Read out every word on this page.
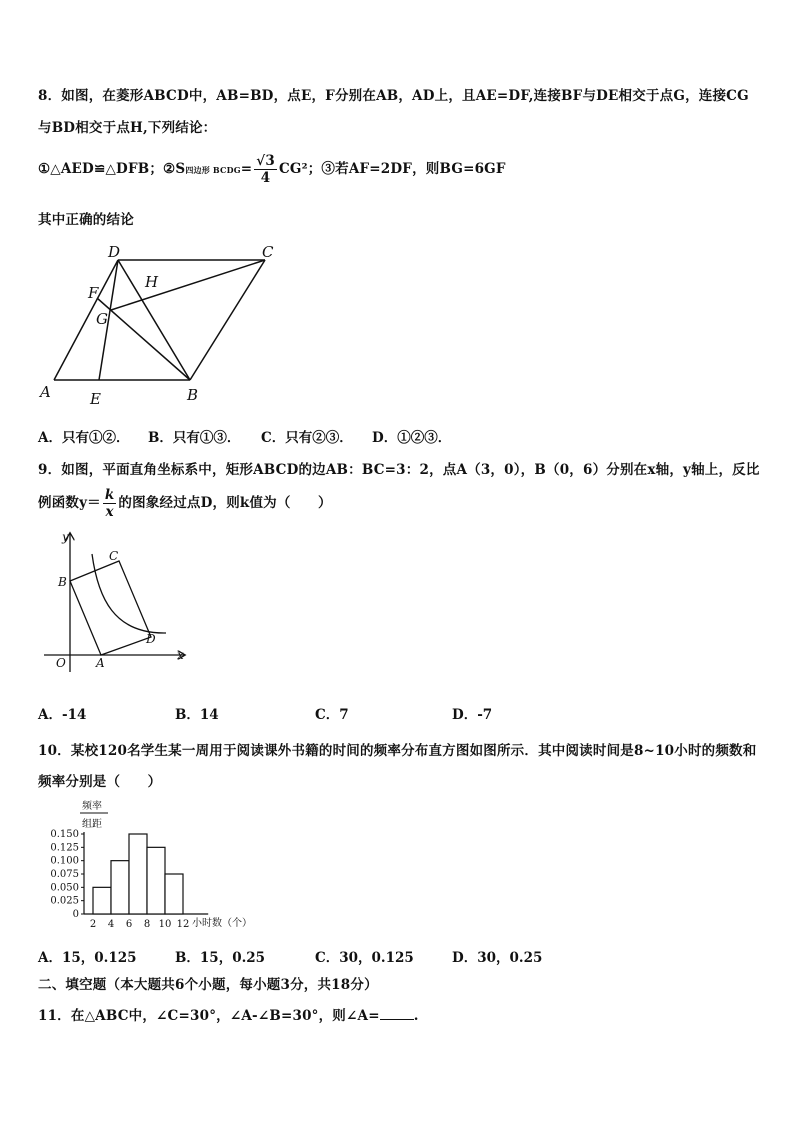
8．如图，在菱形ABCD中，AB=BD，点E，F分别在AB，AD上，且AE=DF,连接BF与DE相交于点G，连接CG
与BD相交于点H,下列结论：
①△AED≌△DFB；②S四边形 BCDG= $\frac{√3}{4} CG^2$；③若AF=2DF，则BG=6GF
其中正确的结论
D	C
F
H
G
A	E	B
A．只有①②． B．只有①③． C．只有②③． D．①②③．
9．如图，平面直角坐标系中，矩形ABCD的边AB：BC=3：2，点A（3，0），B（0，6）分别在x轴，y轴上，反比
例函数$y= \frac{k}{x}$ 的图象经过点D，则k值为（　　）
y
C
B
D
O	A
x
A．-14	B．14	C．7	D．-7
10．某校120名学生某一周用于阅读课外书籍的时间的频率分布直方图如图所示．其中阅读时间是8~10小时的频数和
频率分别是（　　）
频率
组距
0
0.025
0.050
0.075
0.100
0.125
0.150
2 4 6 8 10 12 小时数（个）
A．15，0.125	B．15，0.25	C．30，0.125	D．30，0.25
二、填空题（本大题共6个小题，每小题3分，共18分）
11．在△ABC中，∠C=30°，∠A-∠B=30°，则∠A=	.
